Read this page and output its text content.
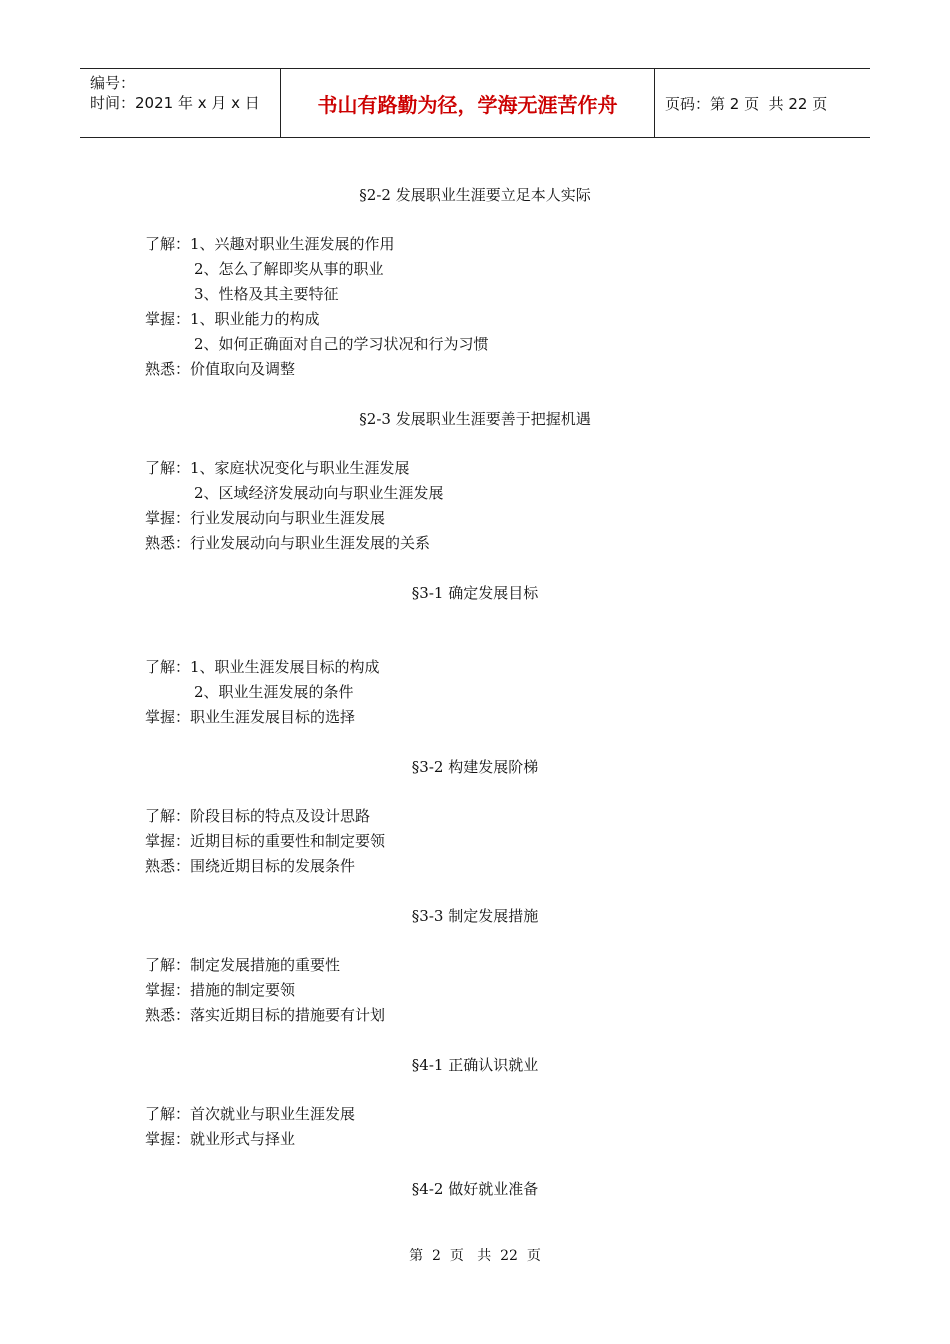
编号：
时间：2021 年 x 月 x 日	书山有路勤为径，学海无涯苦作舟	页码：第 2 页  共 22 页
§2-2 发展职业生涯要立足本人实际
了解：1、兴趣对职业生涯发展的作用
2、怎么了解即奖从事的职业
3、性格及其主要特征
掌握：1、职业能力的构成
2、如何正确面对自己的学习状况和行为习惯
熟悉：价值取向及调整
§2-3 发展职业生涯要善于把握机遇
了解：1、家庭状况变化与职业生涯发展
2、区域经济发展动向与职业生涯发展
掌握：行业发展动向与职业生涯发展
熟悉：行业发展动向与职业生涯发展的关系
§3-1 确定发展目标
了解：1、职业生涯发展目标的构成
2、职业生涯发展的条件
掌握：职业生涯发展目标的选择
§3-2 构建发展阶梯
了解：阶段目标的特点及设计思路
掌握：近期目标的重要性和制定要领
熟悉：围绕近期目标的发展条件
§3-3 制定发展措施
了解：制定发展措施的重要性
掌握：措施的制定要领
熟悉：落实近期目标的措施要有计划
§4-1 正确认识就业
了解：首次就业与职业生涯发展
掌握：就业形式与择业
§4-2 做好就业准备
第  2  页   共  22  页
